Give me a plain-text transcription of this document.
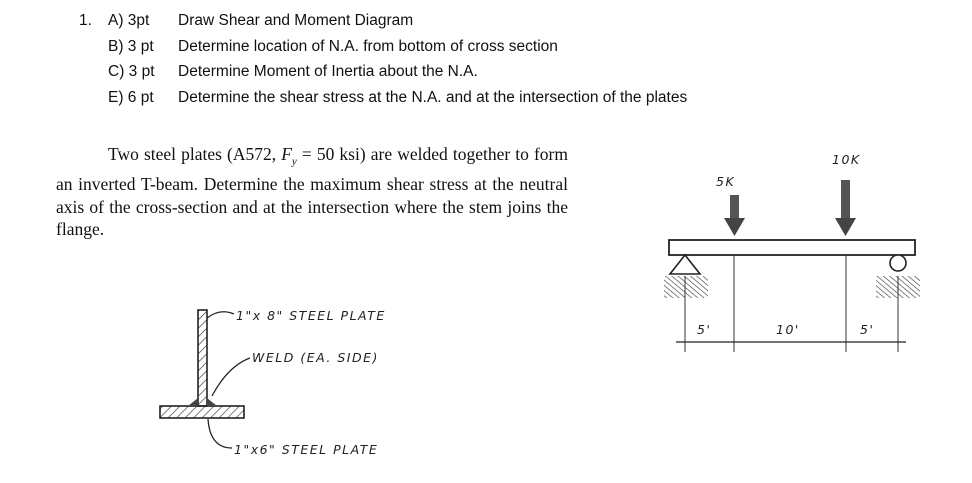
1. A) 3pt	Draw Shear and Moment Diagram
B) 3 pt	Determine location of N.A. from bottom of cross section
C) 3 pt	Determine Moment of Inertia about the N.A.
E) 6 pt	Determine the shear stress at the N.A. and at the intersection of the plates
Two steel plates (A572, $F_y = 50$ ksi) are welded together to form an inverted T-beam. Determine the maximum shear stress at the neutral axis of the cross-section and at the intersection where the stem joins the flange.
1"x 8" STEEL PLATE
WELD (EA. SIDE)
1"x6" STEEL PLATE
5K
10K
5'	10'	5'
